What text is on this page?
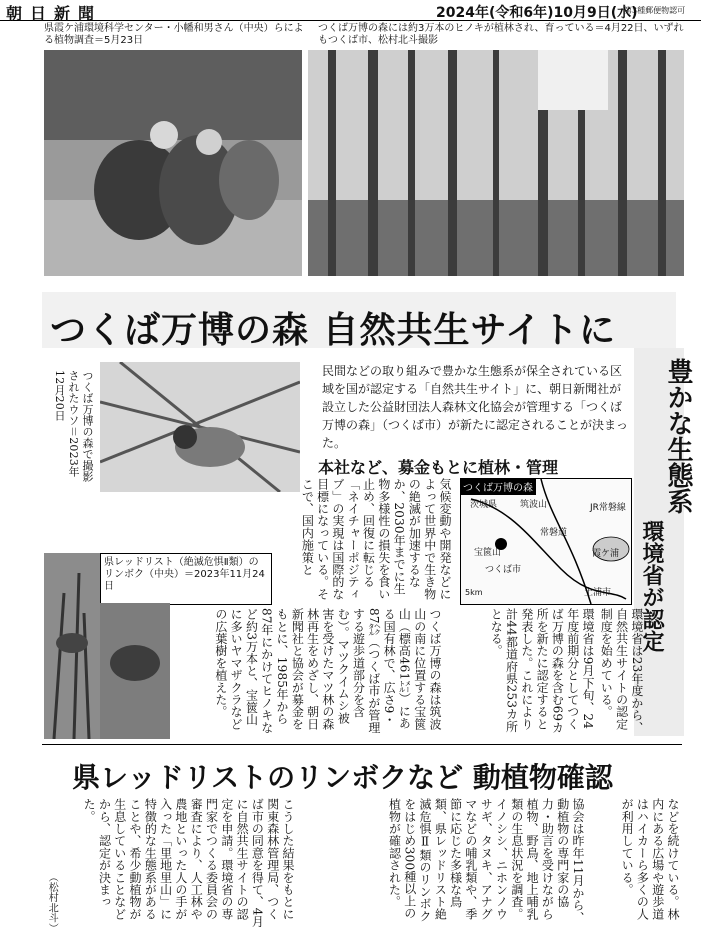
朝日新聞	2024年(令和6年)10月9日(水)
第3種郵便物認可
県霞ケ浦環境科学センター・小幡和男さん（中央）らによる植物調査＝5月23日
つくば万博の森には約3万本のヒノキが植林され、育っている＝4月22日、いずれもつくば市、松村北斗撮影
つくば万博の森 自然共生サイトに
豊かな生態系
環境省が認定
つくば万博の森で撮影されたウソ＝2023年12月20日	民間などの取り組みで豊かな生態系が保全されている区域を国が認定する「自然共生サイト」に、朝日新聞社が設立した公益財団法人森林文化協会が管理する「つくば万博の森」（つくば市）が新たに認定されることが決まった。
本社など、募金もとに植林・管理
つくば万博の森
茨城県	筑波山	JR常磐線
常磐道
宝篋山
つくば市
霞ケ浦
土浦市
5km
県レッドリスト（絶滅危惧Ⅱ類）のリンボク（中央）＝2023年11月24日
環境省は23年度から、自然共生サイトの認定制度を始めている。
環境省は9月下旬、24年度前期分としてつくば万博の森を含む69カ所を新たに認定すると発表した。これにより計44都道府県253カ所となる。
つくば万博の森は筑波山の南に位置する宝篋山（標高461㍍）にある国有林で、広さ9・87㌶（つくば市が管理する遊歩道部分を含む）。マツクイムシ被害を受けたマツ林の森林再生をめざし、朝日新聞社と協会が募金をもとに、1985年から87年にかけてヒノキなど約3万本と、宝篋山に多いヤマザクラなどの広葉樹を植えた。
気候変動や開発などによって世界中で生き物の絶滅が加速するなか、2030年までに生物多様性の損失を食い止め、回復に転じる「ネイチャーポジティブ」の実現は国際的な目標になっている。そこで、国内施策と
県レッドリストのリンボクなど 動植物確認
などを続けている。林内にある広場や遊歩道はハイカーら多くの人が利用している。
協会は昨年11月から、動植物の専門家の協力・助言を受けながら植物、野鳥、地上哺乳類の生息状況を調査。イノシシ、ニホンノウサギ、タヌキ、アナグマなどの哺乳類や、季節に応じた多様な鳥類、県レッドリスト絶滅危惧Ⅱ類のリンボクをはじめ300種以上の植物が確認された。
こうした結果をもとに関東森林管理局、つくば市の同意を得て、4月に自然共生サイトの認定を申請。環境省の専門家でつくる委員会の審査により、人工林や農地といった人の手が入った「里地里山」に特徴的な生態系があることや、希少動植物が生息していることなどから、認定が決まった。
（松村北斗）
